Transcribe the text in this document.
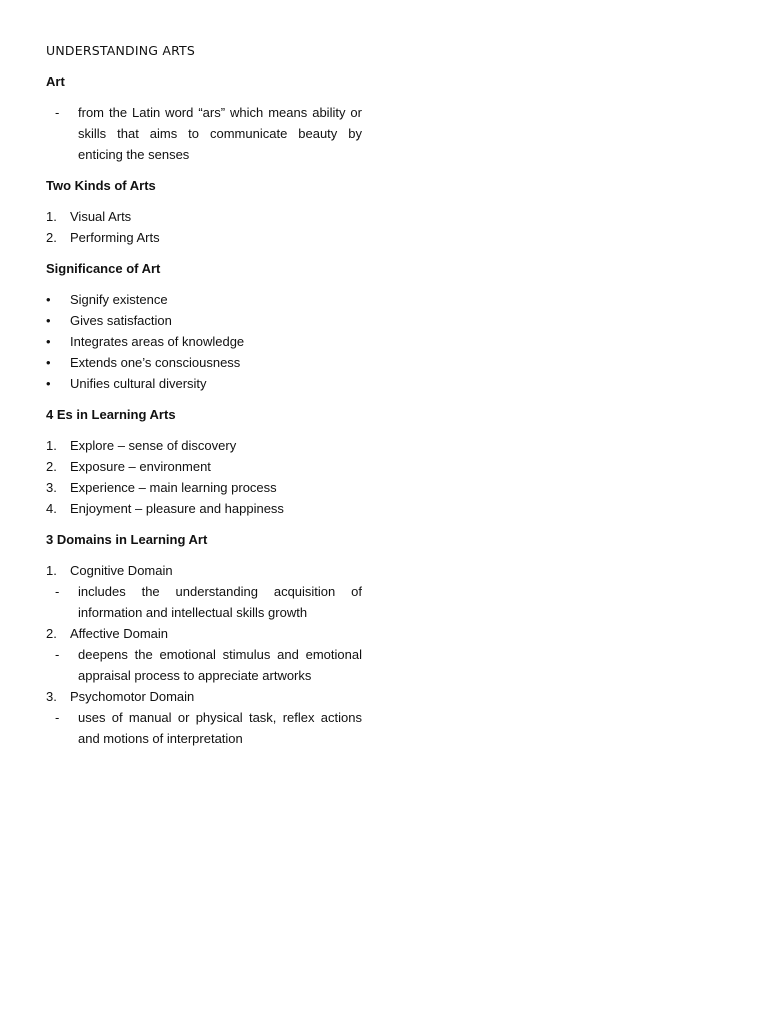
UNDERSTANDING ARTS
Art
-	from the Latin word “ars” which means ability or skills that aims to communicate beauty by enticing the senses
Two Kinds of Arts
1.	Visual Arts
2.	Performing Arts
Significance of Art
•	Signify existence
•	Gives satisfaction
•	Integrates areas of knowledge
•	Extends one’s consciousness
•	Unifies cultural diversity
4 Es in Learning Arts
1.	Explore – sense of discovery
2.	Exposure – environment
3.	Experience – main learning process
4.	Enjoyment – pleasure and happiness
3 Domains in Learning Art
1.	Cognitive Domain
-	includes the understanding acquisition of information and intellectual skills growth
2.	Affective Domain
-	deepens the emotional stimulus and emotional appraisal process to appreciate artworks
3.	Psychomotor Domain
-	uses of manual or physical task, reflex actions and motions of interpretation
